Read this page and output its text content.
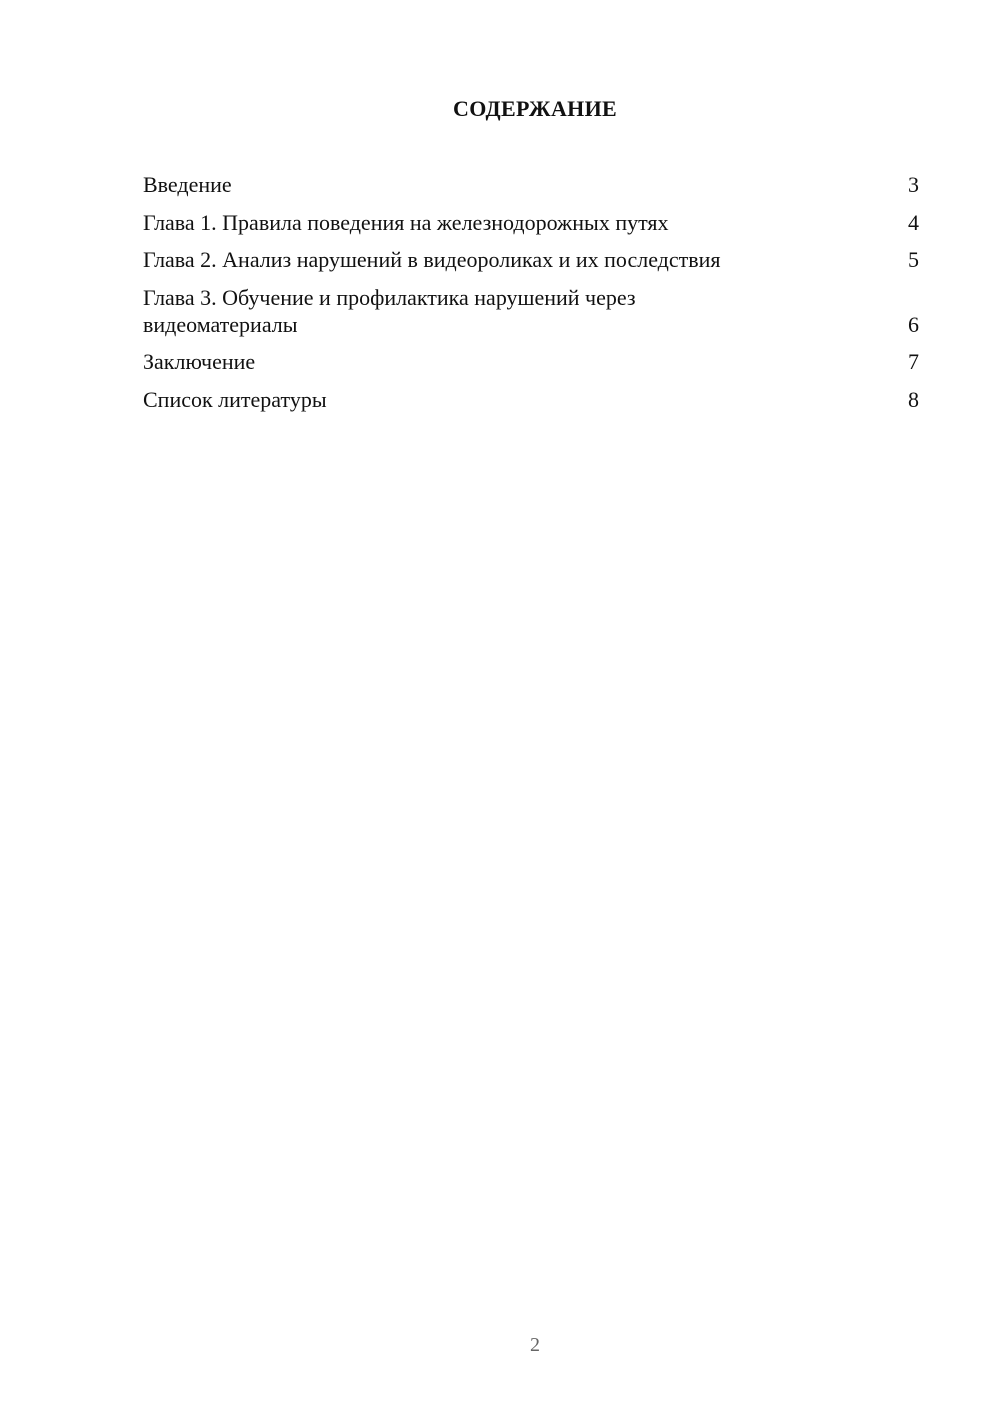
СОДЕРЖАНИЕ
Введение	3
Глава 1. Правила поведения на железнодорожных путях	4
Глава 2. Анализ нарушений в видеороликах и их последствия	5
Глава 3. Обучение и профилактика нарушений через видеоматериалы	6
Заключение	7
Список литературы	8
2
